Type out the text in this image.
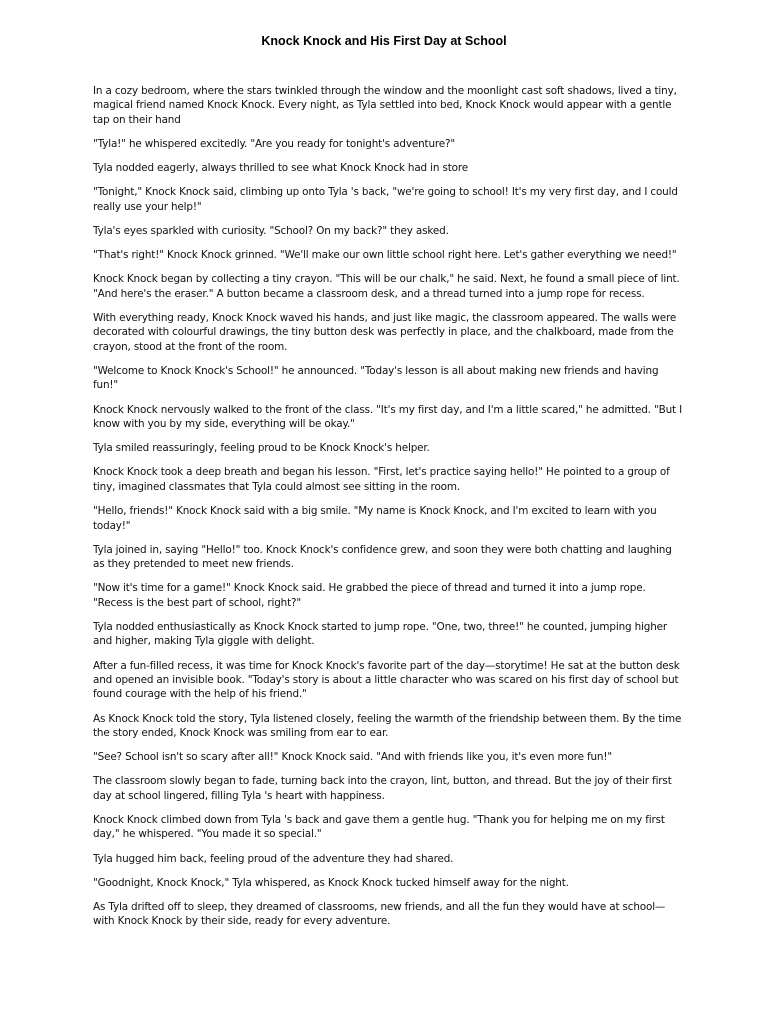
Knock Knock and His First Day at School

In a cozy bedroom, where the stars twinkled through the window and the moonlight cast soft shadows, lived a tiny, magical friend named Knock Knock. Every night, as Tyla settled into bed, Knock Knock would appear with a gentle tap on their hand

"Tyla!" he whispered excitedly. "Are you ready for tonight's adventure?"

Tyla nodded eagerly, always thrilled to see what Knock Knock had in store

"Tonight," Knock Knock said, climbing up onto Tyla 's back, "we're going to school! It's my very first day, and I could really use your help!"

Tyla's eyes sparkled with curiosity. "School? On my back?" they asked.

"That's right!" Knock Knock grinned. "We'll make our own little school right here. Let's gather everything we need!"

Knock Knock began by collecting a tiny crayon. "This will be our chalk," he said. Next, he found a small piece of lint. "And here's the eraser." A button became a classroom desk, and a thread turned into a jump rope for recess.

With everything ready, Knock Knock waved his hands, and just like magic, the classroom appeared. The walls were decorated with colourful drawings, the tiny button desk was perfectly in place, and the chalkboard, made from the crayon, stood at the front of the room.

"Welcome to Knock Knock's School!" he announced. "Today's lesson is all about making new friends and having fun!"

Knock Knock nervously walked to the front of the class. "It's my first day, and I'm a little scared," he admitted. "But I know with you by my side, everything will be okay."

Tyla smiled reassuringly, feeling proud to be Knock Knock's helper.

Knock Knock took a deep breath and began his lesson. "First, let's practice saying hello!" He pointed to a group of tiny, imagined classmates that Tyla could almost see sitting in the room.

"Hello, friends!" Knock Knock said with a big smile. "My name is Knock Knock, and I'm excited to learn with you today!"

Tyla joined in, saying "Hello!" too. Knock Knock's confidence grew, and soon they were both chatting and laughing as they pretended to meet new friends.

"Now it's time for a game!" Knock Knock said. He grabbed the piece of thread and turned it into a jump rope. "Recess is the best part of school, right?"

Tyla nodded enthusiastically as Knock Knock started to jump rope. "One, two, three!" he counted, jumping higher and higher, making Tyla giggle with delight.

After a fun-filled recess, it was time for Knock Knock's favorite part of the day—storytime! He sat at the button desk and opened an invisible book. "Today's story is about a little character who was scared on his first day of school but found courage with the help of his friend."

As Knock Knock told the story, Tyla listened closely, feeling the warmth of the friendship between them. By the time the story ended, Knock Knock was smiling from ear to ear.

"See? School isn't so scary after all!" Knock Knock said. "And with friends like you, it's even more fun!"

The classroom slowly began to fade, turning back into the crayon, lint, button, and thread. But the joy of their first day at school lingered, filling Tyla 's heart with happiness.

Knock Knock climbed down from Tyla 's back and gave them a gentle hug. "Thank you for helping me on my first day," he whispered. "You made it so special."

Tyla hugged him back, feeling proud of the adventure they had shared.

"Goodnight, Knock Knock," Tyla whispered, as Knock Knock tucked himself away for the night.

As Tyla drifted off to sleep, they dreamed of classrooms, new friends, and all the fun they would have at school—with Knock Knock by their side, ready for every adventure.
